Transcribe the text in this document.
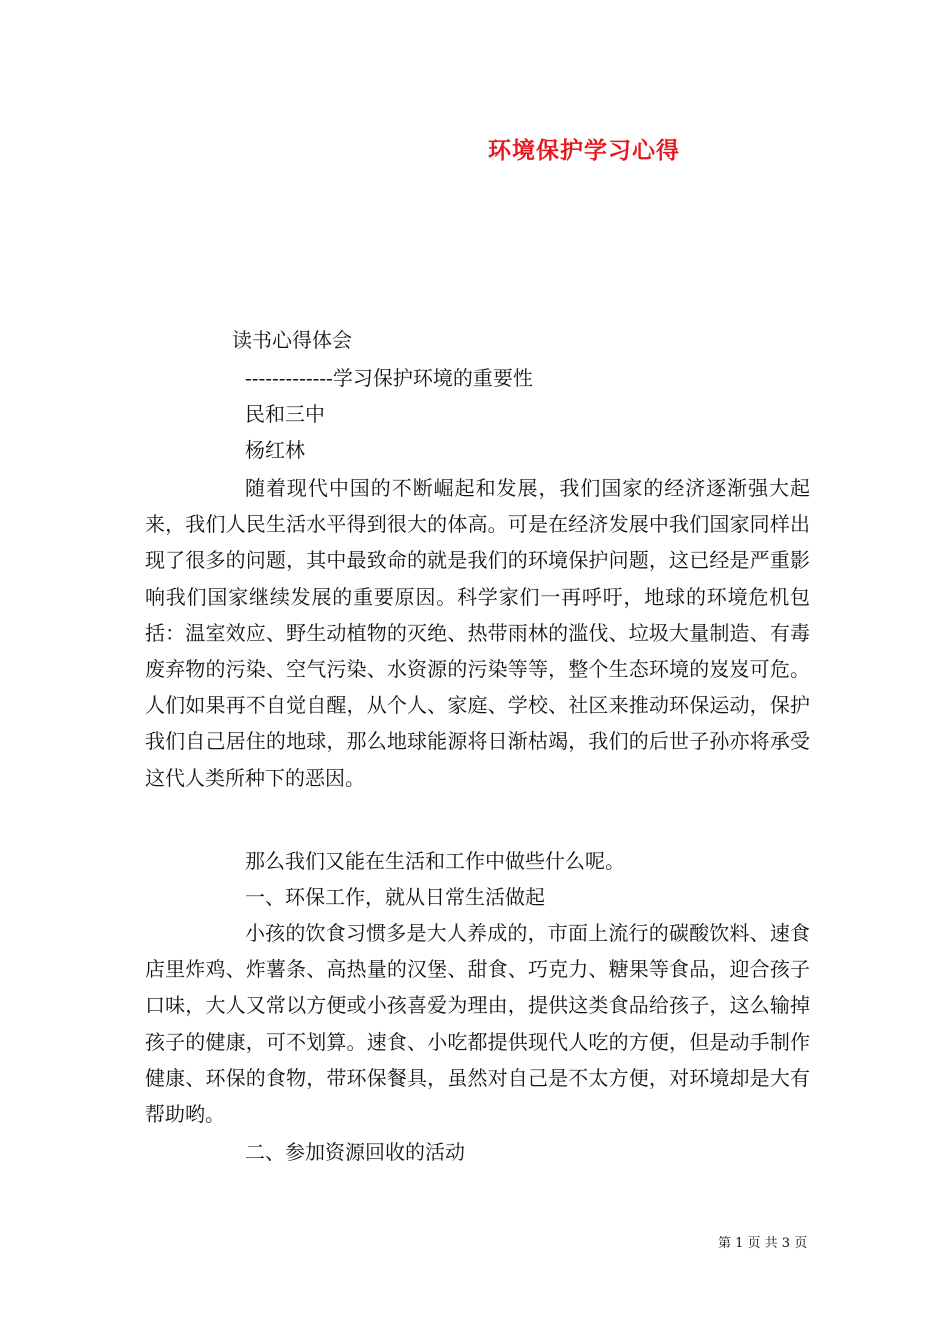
环境保护学习心得
读书心得体会
-------------学习保护环境的重要性
民和三中
杨红林

随着现代中国的不断崛起和发展，我们国家的经济逐渐强大起来，我们人民生活水平得到很大的体高。可是在经济发展中我们国家同样出现了很多的问题，其中最致命的就是我们的环境保护问题，这已经是严重影响我们国家继续发展的重要原因。科学家们一再呼吁，地球的环境危机包括：温室效应、野生动植物的灭绝、热带雨林的滥伐、垃圾大量制造、有毒废弃物的污染、空气污染、水资源的污染等等，整个生态环境的岌岌可危。人们如果再不自觉自醒，从个人、家庭、学校、社区来推动环保运动，保护我们自己居住的地球，那么地球能源将日渐枯竭，我们的后世子孙亦将承受这代人类所种下的恶因。

那么我们又能在生活和工作中做些什么呢。

一、环保工作，就从日常生活做起

小孩的饮食习惯多是大人养成的，市面上流行的碳酸饮料、速食店里炸鸡、炸薯条、高热量的汉堡、甜食、巧克力、糖果等食品，迎合孩子口味，大人又常以方便或小孩喜爱为理由，提供这类食品给孩子，这么输掉孩子的健康，可不划算。速食、小吃都提供现代人吃的方便，但是动手制作健康、环保的食物，带环保餐具，虽然对自己是不太方便，对环境却是大有帮助哟。

二、参加资源回收的活动

第 1 页 共 3 页
